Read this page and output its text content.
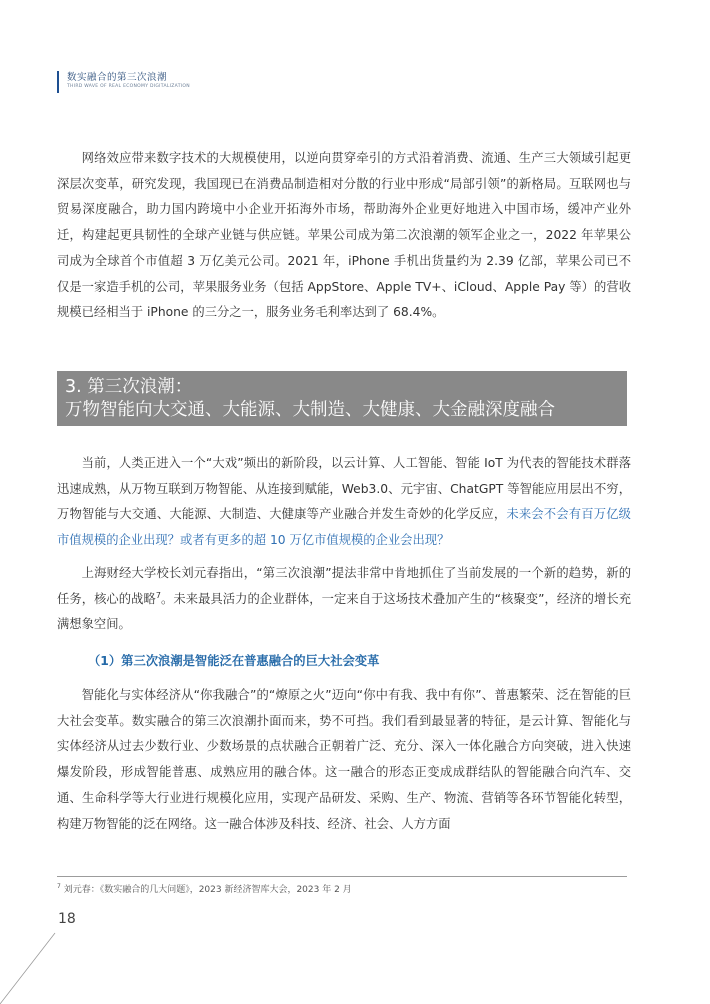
数实融合的第三次浪潮
THIRD WAVE OF REAL ECONOMY DIGITALIZATION

网络效应带来数字技术的大规模使用，以逆向贯穿牵引的方式沿着消费、流通、生产三大领域引起更深层次变革，研究发现，我国现已在消费品制造相对分散的行业中形成“局部引领”的新格局。互联网也与贸易深度融合，助力国内跨境中小企业开拓海外市场，帮助海外企业更好地进入中国市场，缓冲产业外迁，构建起更具韧性的全球产业链与供应链。苹果公司成为第二次浪潮的领军企业之一，2022 年苹果公司成为全球首个市值超 3 万亿美元公司。2021 年，iPhone 手机出货量约为 2.39 亿部，苹果公司已不仅是一家造手机的公司，苹果服务业务（包括 AppStore、Apple TV+、iCloud、Apple Pay 等）的营收规模已经相当于 iPhone 的三分之一，服务业务毛利率达到了 68.4%。

3. 第三次浪潮：
万物智能向大交通、大能源、大制造、大健康、大金融深度融合

当前，人类正进入一个“大戏”频出的新阶段，以云计算、人工智能、智能 IoT 为代表的智能技术群落迅速成熟，从万物互联到万物智能、从连接到赋能，Web3.0、元宇宙、ChatGPT 等智能应用层出不穷，万物智能与大交通、大能源、大制造、大健康等产业融合并发生奇妙的化学反应，未来会不会有百万亿级市值规模的企业出现？或者有更多的超 10 万亿市值规模的企业会出现？

上海财经大学校长刘元春指出，“第三次浪潮”提法非常中肯地抓住了当前发展的一个新的趋势，新的任务，核心的战略$^7$。未来最具活力的企业群体，一定来自于这场技术叠加产生的“核聚变”，经济的增长充满想象空间。

（1）第三次浪潮是智能泛在普惠融合的巨大社会变革

智能化与实体经济从“你我融合”的“燎原之火”迈向“你中有我、我中有你”、普惠繁荣、泛在智能的巨大社会变革。数实融合的第三次浪潮扑面而来，势不可挡。我们看到最显著的特征，是云计算、智能化与实体经济从过去少数行业、少数场景的点状融合正朝着广泛、充分、深入一体化融合方向突破，进入快速爆发阶段，形成智能普惠、成熟应用的融合体。这一融合的形态正变成成群结队的智能融合向汽车、交通、生命科学等大行业进行规模化应用，实现产品研发、采购、生产、物流、营销等各环节智能化转型，构建万物智能的泛在网络。这一融合体涉及科技、经济、社会、人方方面

$^7$ 刘元春：《数实融合的几大问题》，2023 新经济智库大会，2023 年 2 月
18
